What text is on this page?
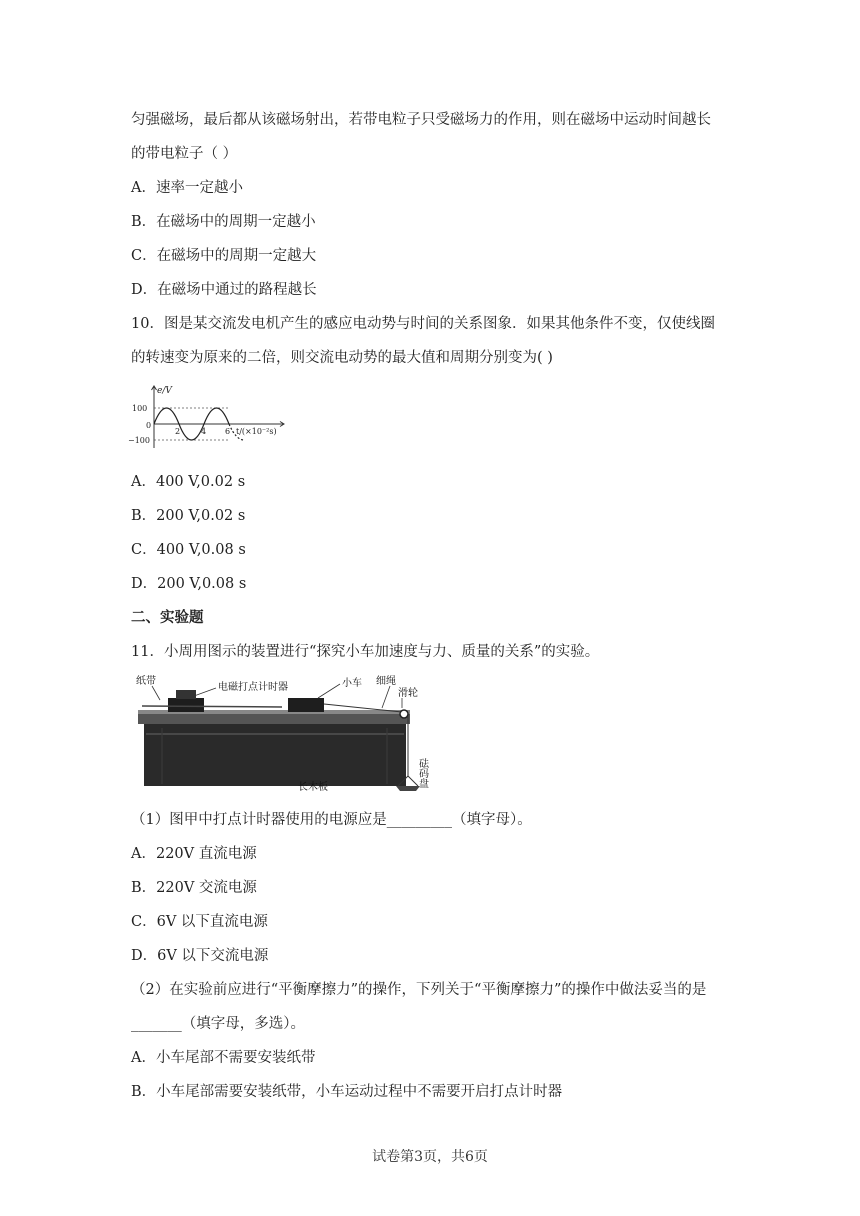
匀强磁场，最后都从该磁场射出，若带电粒子只受磁场力的作用，则在磁场中运动时间越长
的带电粒子（ ）
A．速率一定越小
B．在磁场中的周期一定越小
C．在磁场中的周期一定越大
D．在磁场中通过的路程越长
10．图是某交流发电机产生的感应电动势与时间的关系图象．如果其他条件不变，仅使线圈
的转速变为原来的二倍，则交流电动势的最大值和周期分别变为( )
e/V
100
0
−100
2	4 6 t/(×10⁻²s)
A．400 V,0.02 s
B．200 V,0.02 s
C．400 V,0.08 s
D．200 V,0.08 s
二、实验题
11．小周用图示的装置进行“探究小车加速度与力、质量的关系”的实验。
纸带
电磁打点计时器	小车 细绳
滑轮
长木板	砝码盘
（1）图甲中打点计时器使用的电源应是_________（填字母）。
A．220V 直流电源
B．220V 交流电源
C．6V 以下直流电源
D．6V 以下交流电源
（2）在实验前应进行“平衡摩擦力”的操作，下列关于“平衡摩擦力”的操作中做法妥当的是
_______（填字母，多选）。
A．小车尾部不需要安装纸带
B．小车尾部需要安装纸带，小车运动过程中不需要开启打点计时器
试卷第3页，共6页
